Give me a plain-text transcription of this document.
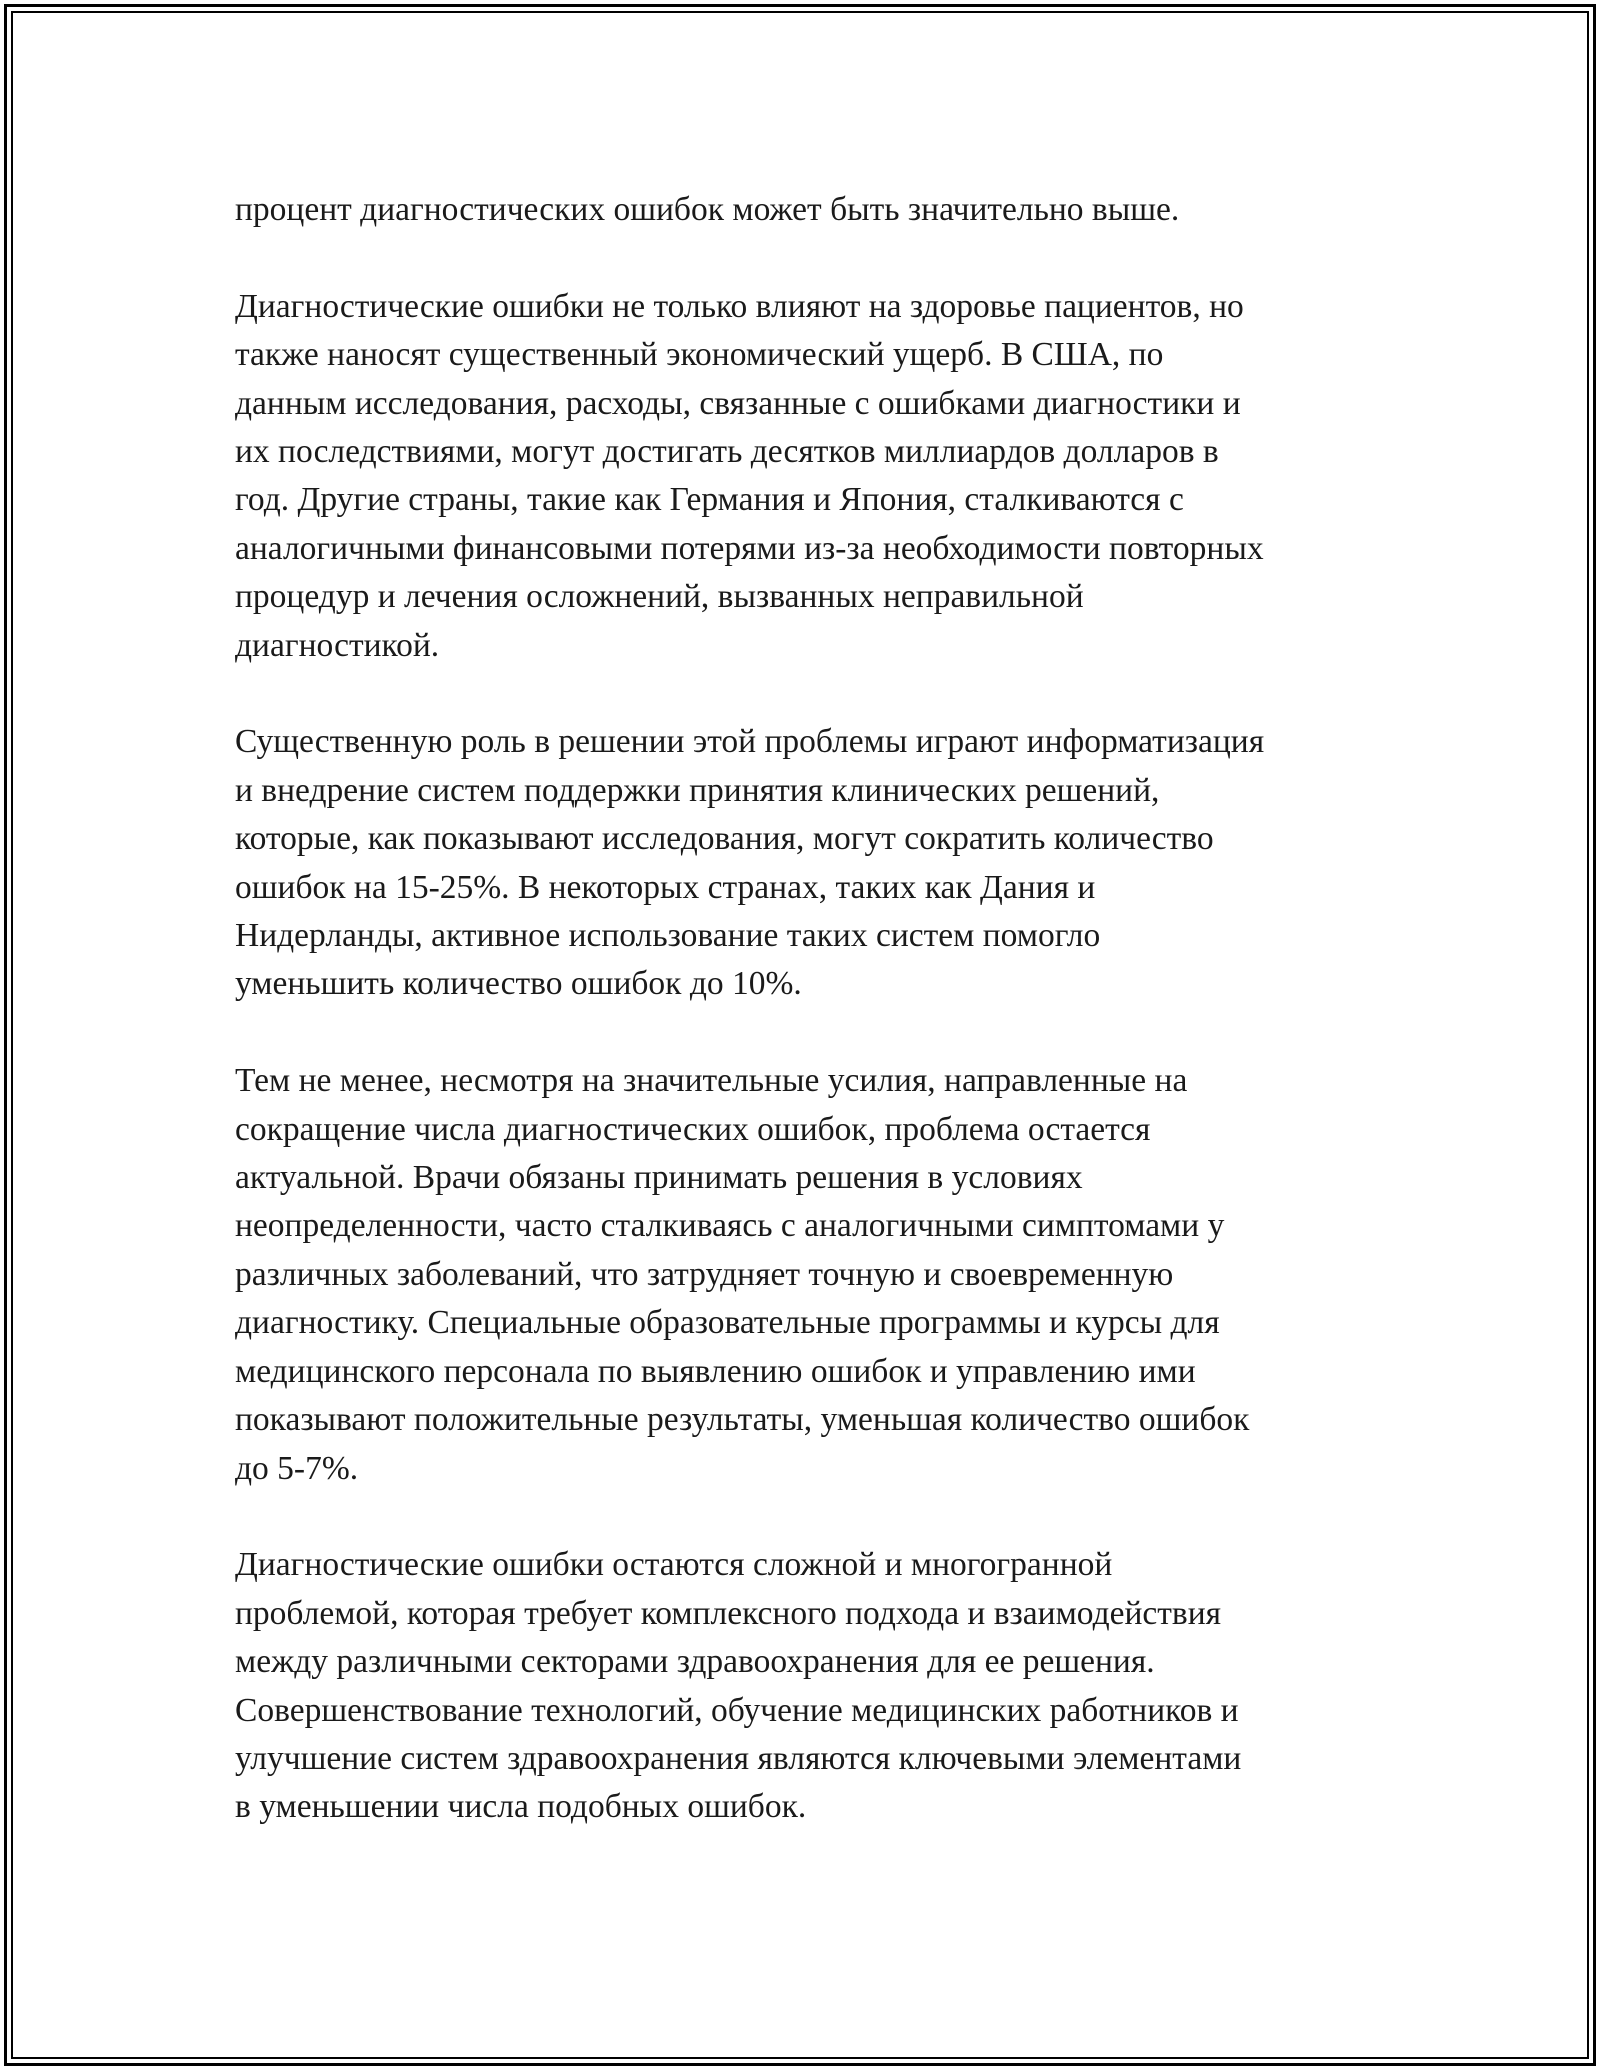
процент диагностических ошибок может быть значительно выше.

Диагностические ошибки не только влияют на здоровье пациентов, но
также наносят существенный экономический ущерб. В США, по
данным исследования, расходы, связанные с ошибками диагностики и
их последствиями, могут достигать десятков миллиардов долларов в
год. Другие страны, такие как Германия и Япония, сталкиваются с
аналогичными финансовыми потерями из-за необходимости повторных
процедур и лечения осложнений, вызванных неправильной
диагностикой.

Существенную роль в решении этой проблемы играют информатизация
и внедрение систем поддержки принятия клинических решений,
которые, как показывают исследования, могут сократить количество
ошибок на 15-25%. В некоторых странах, таких как Дания и
Нидерланды, активное использование таких систем помогло
уменьшить количество ошибок до 10%.

Тем не менее, несмотря на значительные усилия, направленные на
сокращение числа диагностических ошибок, проблема остается
актуальной. Врачи обязаны принимать решения в условиях
неопределенности, часто сталкиваясь с аналогичными симптомами у
различных заболеваний, что затрудняет точную и своевременную
диагностику. Специальные образовательные программы и курсы для
медицинского персонала по выявлению ошибок и управлению ими
показывают положительные результаты, уменьшая количество ошибок
до 5-7%.

Диагностические ошибки остаются сложной и многогранной
проблемой, которая требует комплексного подхода и взаимодействия
между различными секторами здравоохранения для ее решения.
Совершенствование технологий, обучение медицинских работников и
улучшение систем здравоохранения являются ключевыми элементами
в уменьшении числа подобных ошибок.
